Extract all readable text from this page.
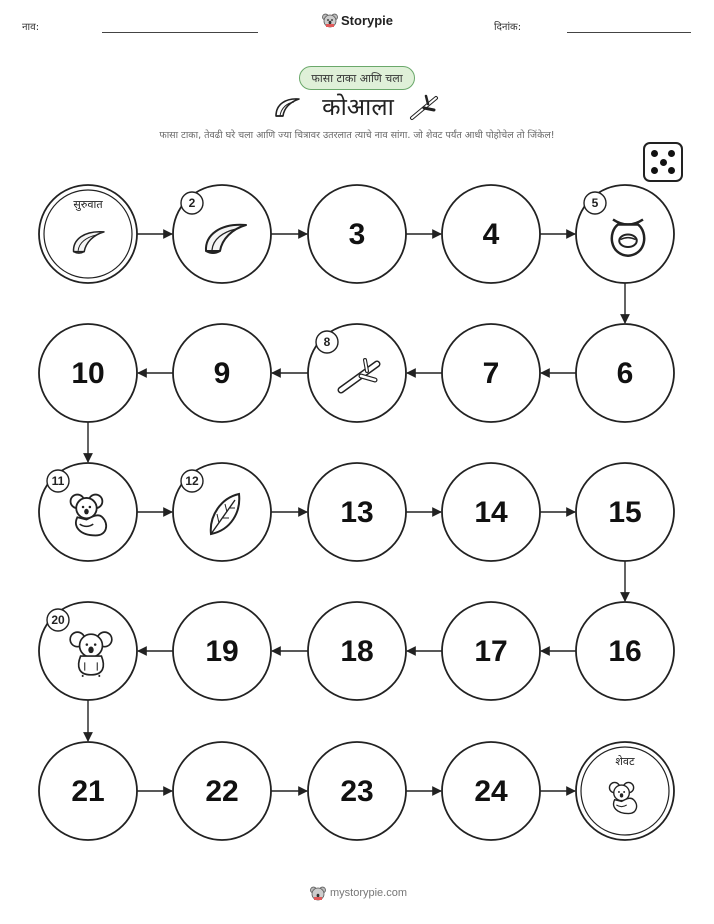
नाव:	Storypie	दिनांक:
फासा टाका आणि चला
कोआला
फासा टाका, तेवढी घरे चला आणि ज्या चित्रावर उतरलात त्याचे नाव सांगा. जो शेवट पर्यंत आधी पोहोचेल तो जिंकेल!
सुरुवात	2
3	4
5
6
7
8
9
10
11	12
13	14	15
16
17
18
19
20
21	22	23	24
शेवट
mystorypie.com
